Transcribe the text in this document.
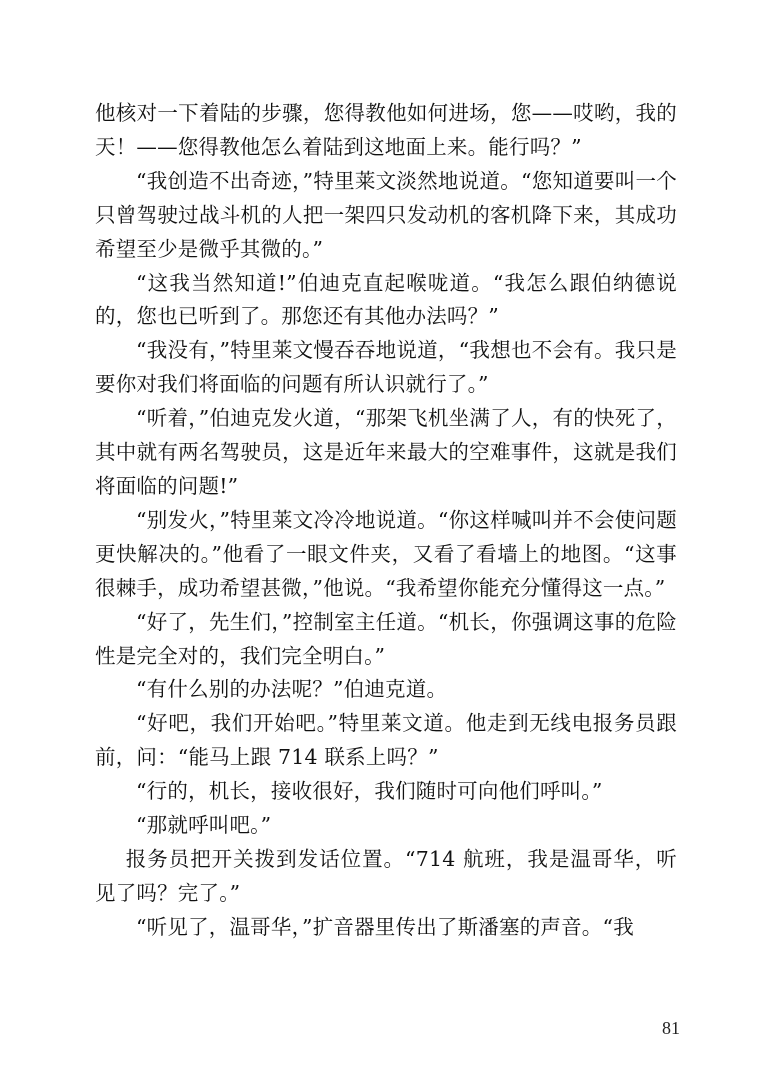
他核对一下着陆的步骤，您得教他如何进场，您——哎哟，我的天！——您得教他怎么着陆到这地面上来。能行吗？”

“我创造不出奇迹，”特里莱文淡然地说道。“您知道要叫一个只曾驾驶过战斗机的人把一架四只发动机的客机降下来，其成功希望至少是微乎其微的。”

“这我当然知道!”伯迪克直起喉咙道。“我怎么跟伯纳德说的，您也已听到了。那您还有其他办法吗？”

“我没有，”特里莱文慢吞吞地说道，“我想也不会有。我只是要你对我们将面临的问题有所认识就行了。”

“听着，”伯迪克发火道，“那架飞机坐满了人，有的快死了，其中就有两名驾驶员，这是近年来最大的空难事件，这就是我们将面临的问题!”

“别发火，”特里莱文冷冷地说道。“你这样喊叫并不会使问题更快解决的。”他看了一眼文件夹，又看了看墙上的地图。“这事很棘手，成功希望甚微，”他说。“我希望你能充分懂得这一点。”

“好了，先生们，”控制室主任道。“机长，你强调这事的危险性是完全对的，我们完全明白。”

“有什么别的办法呢？”伯迪克道。

“好吧，我们开始吧。”特里莱文道。他走到无线电报务员跟前，问：“能马上跟 714 联系上吗？”

“行的，机长，接收很好，我们随时可向他们呼叫。”

“那就呼叫吧。”

报务员把开关拨到发话位置。“714 航班，我是温哥华，听见了吗？完了。”

“听见了，温哥华，”扩音器里传出了斯潘塞的声音。“我

81
